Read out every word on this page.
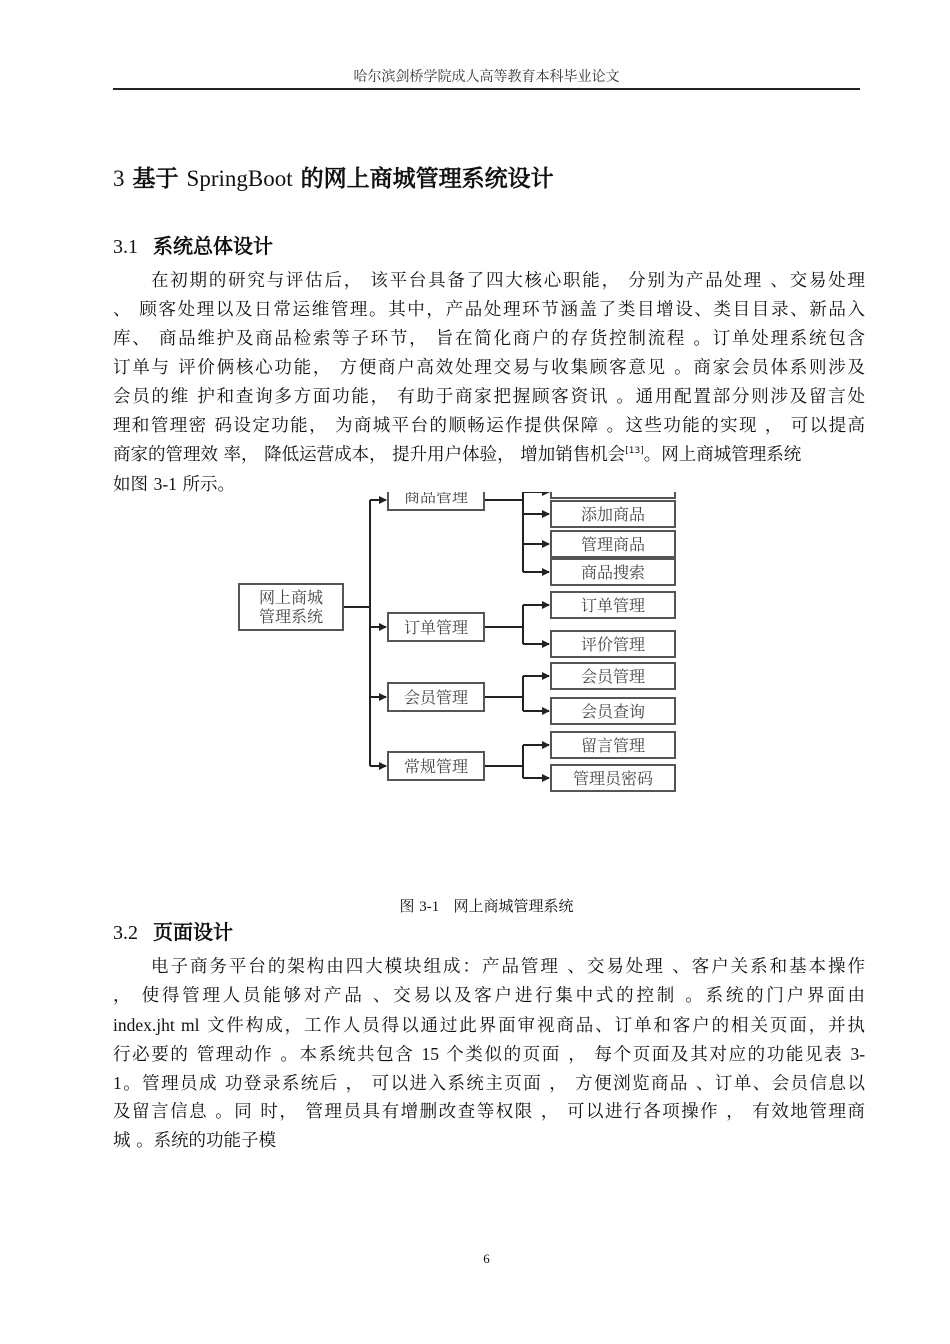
哈尔滨剑桥学院成人高等教育本科毕业论文
3 基于 SpringBoot 的网上商城管理系统设计
3.1 系统总体设计
在初期的研究与评估后， 该平台具备了四大核心职能， 分别为产品处理 、交易处理
、 顾客处理以及日常运维管理。其中，产品处理环节涵盖了类目增设、类目目录、新品入
库、 商品维护及商品检索等子环节， 旨在简化商户的存货控制流程 。订单处理系统包含
订单与 评价俩核心功能， 方便商户高效处理交易与收集顾客意见 。商家会员体系则涉及
会员的维 护和查询多方面功能， 有助于商家把握顾客资讯 。通用配置部分则涉及留言处
理和管理密 码设定功能， 为商城平台的顺畅运作提供保障 。这些功能的实现 ， 可以提高
商家的管理效 率， 降低运营成本， 提升用户体验， 增加销售机会[13]。网上商城管理系统
如图 3-1 所示。
网上商城
管理系统
商品管理
添加商品
管理商品
商品搜索
订单管理
订单管理
评价管理
会员管理
会员管理
会员查询
常规管理
留言管理
管理员密码
图 3-1 网上商城管理系统
3.2 页面设计
电子商务平台的架构由四大模块组成：产品管理 、交易处理 、客户关系和基本操作
， 使得管理人员能够对产品 、交易以及客户进行集中式的控制 。系统的门户界面由
index.jht ml 文件构成，工作人员得以通过此界面审视商品、订单和客户的相关页面，并执
行必要的 管理动作 。本系统共包含 15 个类似的页面 ， 每个页面及其对应的功能见表 3-
1。管理员成 功登录系统后 ， 可以进入系统主页面 ， 方便浏览商品 、订单、会员信息以
及留言信息 。同 时， 管理员具有增删改查等权限 ， 可以进行各项操作 ， 有效地管理商
城 。系统的功能子模
6
